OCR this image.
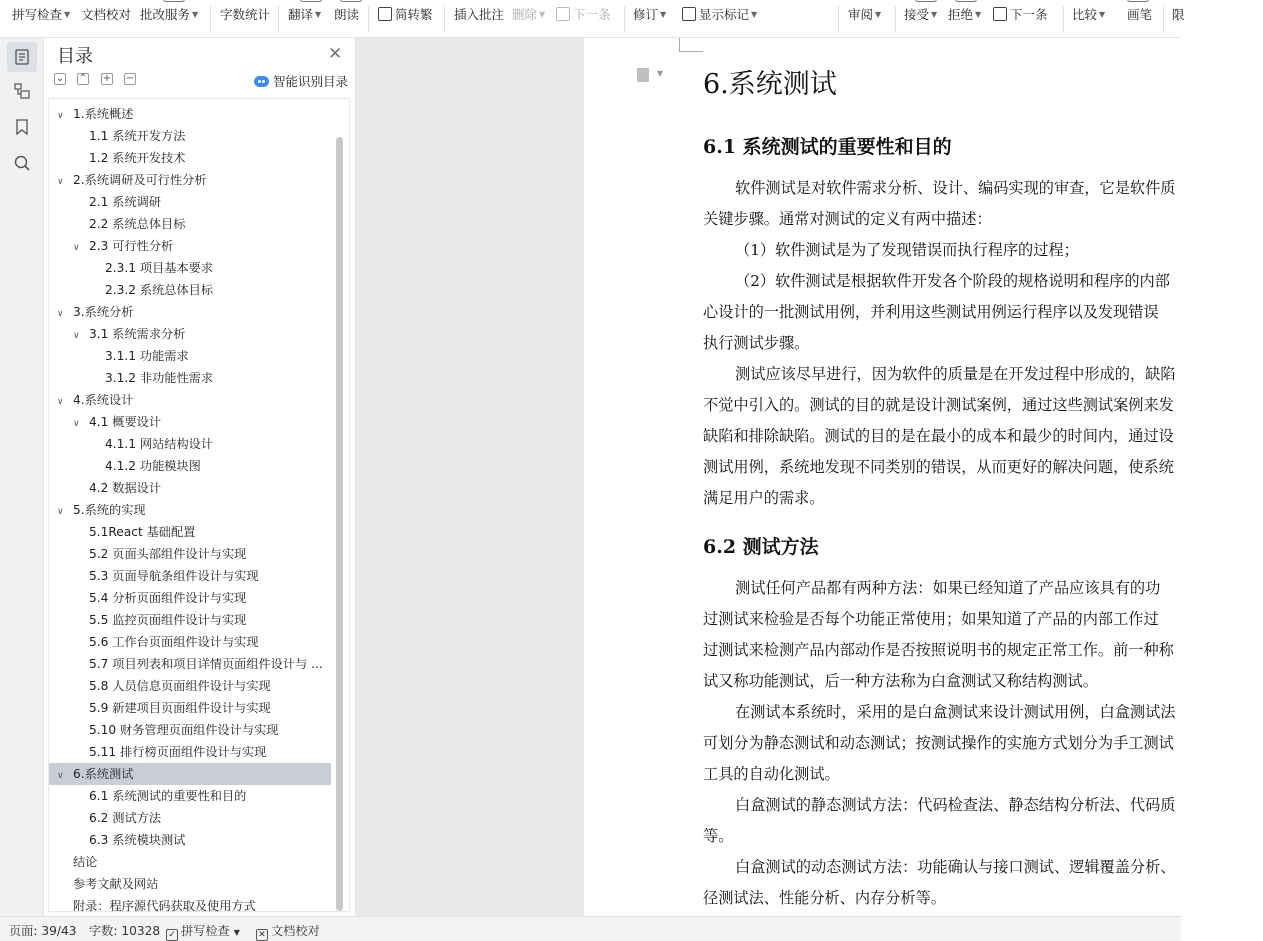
拼写检查 ▼ 文档校对 批改服务 ▼ 字数统计 翻译 ▼ 朗读	简转繁 插入批注 删除 ▼	下一条 修订 ▼	显示标记 ▼	审阅 ▼ 接受 ▼ 拒绝 ▼	下一条 比较 ▼ 画笔 限
目录	✕
⌄ ⌃ + −	智能识别目录
∨ 1.系统概述
1.1 系统开发方法
1.2 系统开发技术
∨ 2.系统调研及可行性分析
2.1 系统调研
2.2 系统总体目标
∨ 2.3 可行性分析
2.3.1 项目基本要求
2.3.2 系统总体目标
∨ 3.系统分析
∨ 3.1 系统需求分析
3.1.1 功能需求
3.1.2 非功能性需求
∨ 4.系统设计
∨ 4.1 概要设计
4.1.1 网站结构设计
4.1.2 功能模块图
4.2 数据设计
∨ 5.系统的实现
5.1React 基础配置
5.2 页面头部组件设计与实现
5.3 页面导航条组件设计与实现
5.4 分析页面组件设计与实现
5.5 监控页面组件设计与实现
5.6 工作台页面组件设计与实现
5.7 项目列表和项目详情页面组件设计与 ...
5.8 人员信息页面组件设计与实现
5.9 新建项目页面组件设计与实现
5.10 财务管理页面组件设计与实现
5.11 排行榜页面组件设计与实现
∨ 6.系统测试
6.1 系统测试的重要性和目的
6.2 测试方法
6.3 系统模块测试
结论
参考文献及网站
附录：程序源代码获取及使用方式
▼ 6.系统测试
6.1 系统测试的重要性和目的
软件测试是对软件需求分析、设计、编码实现的审查，它是软件质
关键步骤。通常对测试的定义有两中描述：
（1）软件测试是为了发现错误而执行程序的过程；
（2）软件测试是根据软件开发各个阶段的规格说明和程序的内部
心设计的一批测试用例，并利用这些测试用例运行程序以及发现错误
执行测试步骤。
测试应该尽早进行，因为软件的质量是在开发过程中形成的，缺陷
不觉中引入的。测试的目的就是设计测试案例，通过这些测试案例来发
缺陷和排除缺陷。测试的目的是在最小的成本和最少的时间内，通过设
测试用例，系统地发现不同类别的错误，从而更好的解决问题，使系统
满足用户的需求。
6.2 测试方法
测试任何产品都有两种方法：如果已经知道了产品应该具有的功
过测试来检验是否每个功能正常使用；如果知道了产品的内部工作过
过测试来检测产品内部动作是否按照说明书的规定正常工作。前一种称
试又称功能测试，后一种方法称为白盒测试又称结构测试。
在测试本系统时，采用的是白盒测试来设计测试用例，白盒测试法
可划分为静态测试和动态测试；按测试操作的实施方式划分为手工测试
工具的自动化测试。
白盒测试的静态测试方法：代码检查法、静态结构分析法、代码质
等。
白盒测试的动态测试方法：功能确认与接口测试、逻辑覆盖分析、
径测试法、性能分析、内存分析等。
页面: 39/43 字数: 10328 ✓ 拼写检查 ▼ ✕ 文档校对
